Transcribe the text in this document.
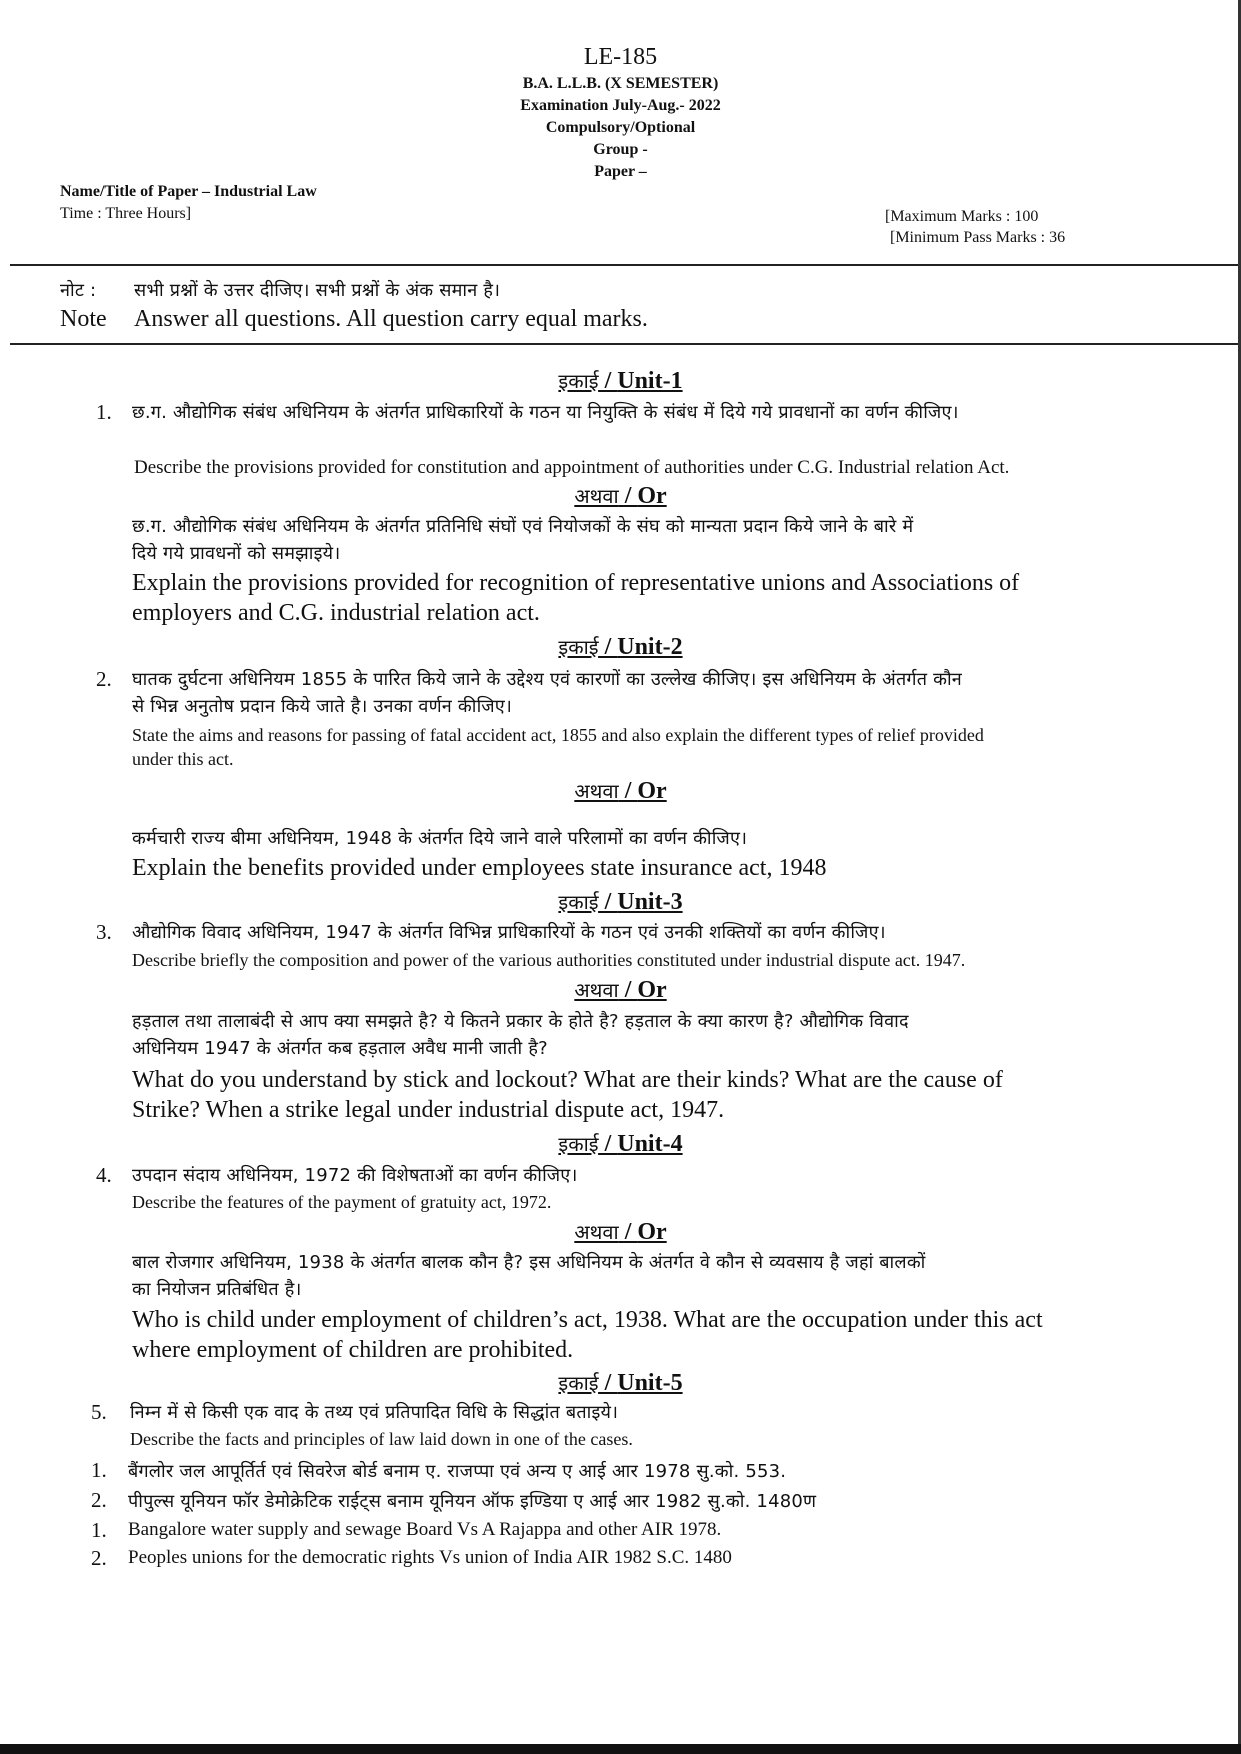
LE-185
B.A. L.L.B. (X SEMESTER)
Examination July-Aug.- 2022
Compulsory/Optional
Group -
Paper –
Name/Title of Paper – Industrial Law
Time : Three Hours]	[Maximum Marks : 100
[Minimum Pass Marks : 36
नोट : सभी प्रश्नों के उत्तर दीजिए। सभी प्रश्नों के अंक समान है।
Note Answer all questions. All question carry equal marks.
इकाई / Unit-1
1. छ.ग. औद्योगिक संबंध अधिनियम के अंतर्गत प्राधिकारियों के गठन या नियुक्ति के संबंध में दिये गये प्रावधानों का वर्णन कीजिए।
Describe the provisions provided for constitution and appointment of authorities under C.G. Industrial relation Act.
अथवा / Or
छ.ग. औद्योगिक संबंध अधिनियम के अंतर्गत प्रतिनिधि संघों एवं नियोजकों के संघ को मान्यता प्रदान किये जाने के बारे में
दिये गये प्रावधनों को समझाइये।
Explain the provisions provided for recognition of representative unions and Associations of
employers and C.G. industrial relation act.
इकाई / Unit-2
2. घातक दुर्घटना अधिनियम 1855 के पारित किये जाने के उद्देश्य एवं कारणों का उल्लेख कीजिए। इस अधिनियम के अंतर्गत कौन
से भिन्न अनुतोष प्रदान किये जाते है। उनका वर्णन कीजिए।
State the aims and reasons for passing of fatal accident act, 1855 and also explain the different types of relief provided
under this act.
अथवा / Or
कर्मचारी राज्य बीमा अधिनियम, 1948 के अंतर्गत दिये जाने वाले परिलामों का वर्णन कीजिए।
Explain the benefits provided under employees state insurance act, 1948
इकाई / Unit-3
3. औद्योगिक विवाद अधिनियम, 1947 के अंतर्गत विभिन्न प्राधिकारियों के गठन एवं उनकी शक्तियों का वर्णन कीजिए।
Describe briefly the composition and power of the various authorities constituted under industrial dispute act. 1947.
अथवा / Or
हड़ताल तथा तालाबंदी से आप क्या समझते है? ये कितने प्रकार के होते है? हड़ताल के क्या कारण है? औद्योगिक विवाद
अधिनियम 1947 के अंतर्गत कब हड़ताल अवैध मानी जाती है?
What do you understand by stick and lockout? What are their kinds? What are the cause of
Strike? When a strike legal under industrial dispute act, 1947.
इकाई / Unit-4
4. उपदान संदाय अधिनियम, 1972 की विशेषताओं का वर्णन कीजिए।
Describe the features of the payment of gratuity act, 1972.
अथवा / Or
बाल रोजगार अधिनियम, 1938 के अंतर्गत बालक कौन है? इस अधिनियम के अंतर्गत वे कौन से व्यवसाय है जहां बालकों
का नियोजन प्रतिबंधित है।
Who is child under employment of children’s act, 1938. What are the occupation under this act
where employment of children are prohibited.
इकाई / Unit-5
5. निम्न में से किसी एक वाद के तथ्य एवं प्रतिपादित विधि के सिद्धांत बताइये।
Describe the facts and principles of law laid down in one of the cases.
1. बैंगलोर जल आपूर्तिर्त एवं सिवरेज बोर्ड बनाम ए. राजप्पा एवं अन्य ए आई आर 1978 सु.को. 553.
2. पीपुल्स यूनियन फॉर डेमोक्रेटिक राईट्स बनाम यूनियन ऑफ इण्डिया ए आई आर 1982 सु.को. 1480ण
1. Bangalore water supply and sewage Board Vs A Rajappa and other AIR 1978.
2. Peoples unions for the democratic rights Vs union of India AIR 1982 S.C. 1480
